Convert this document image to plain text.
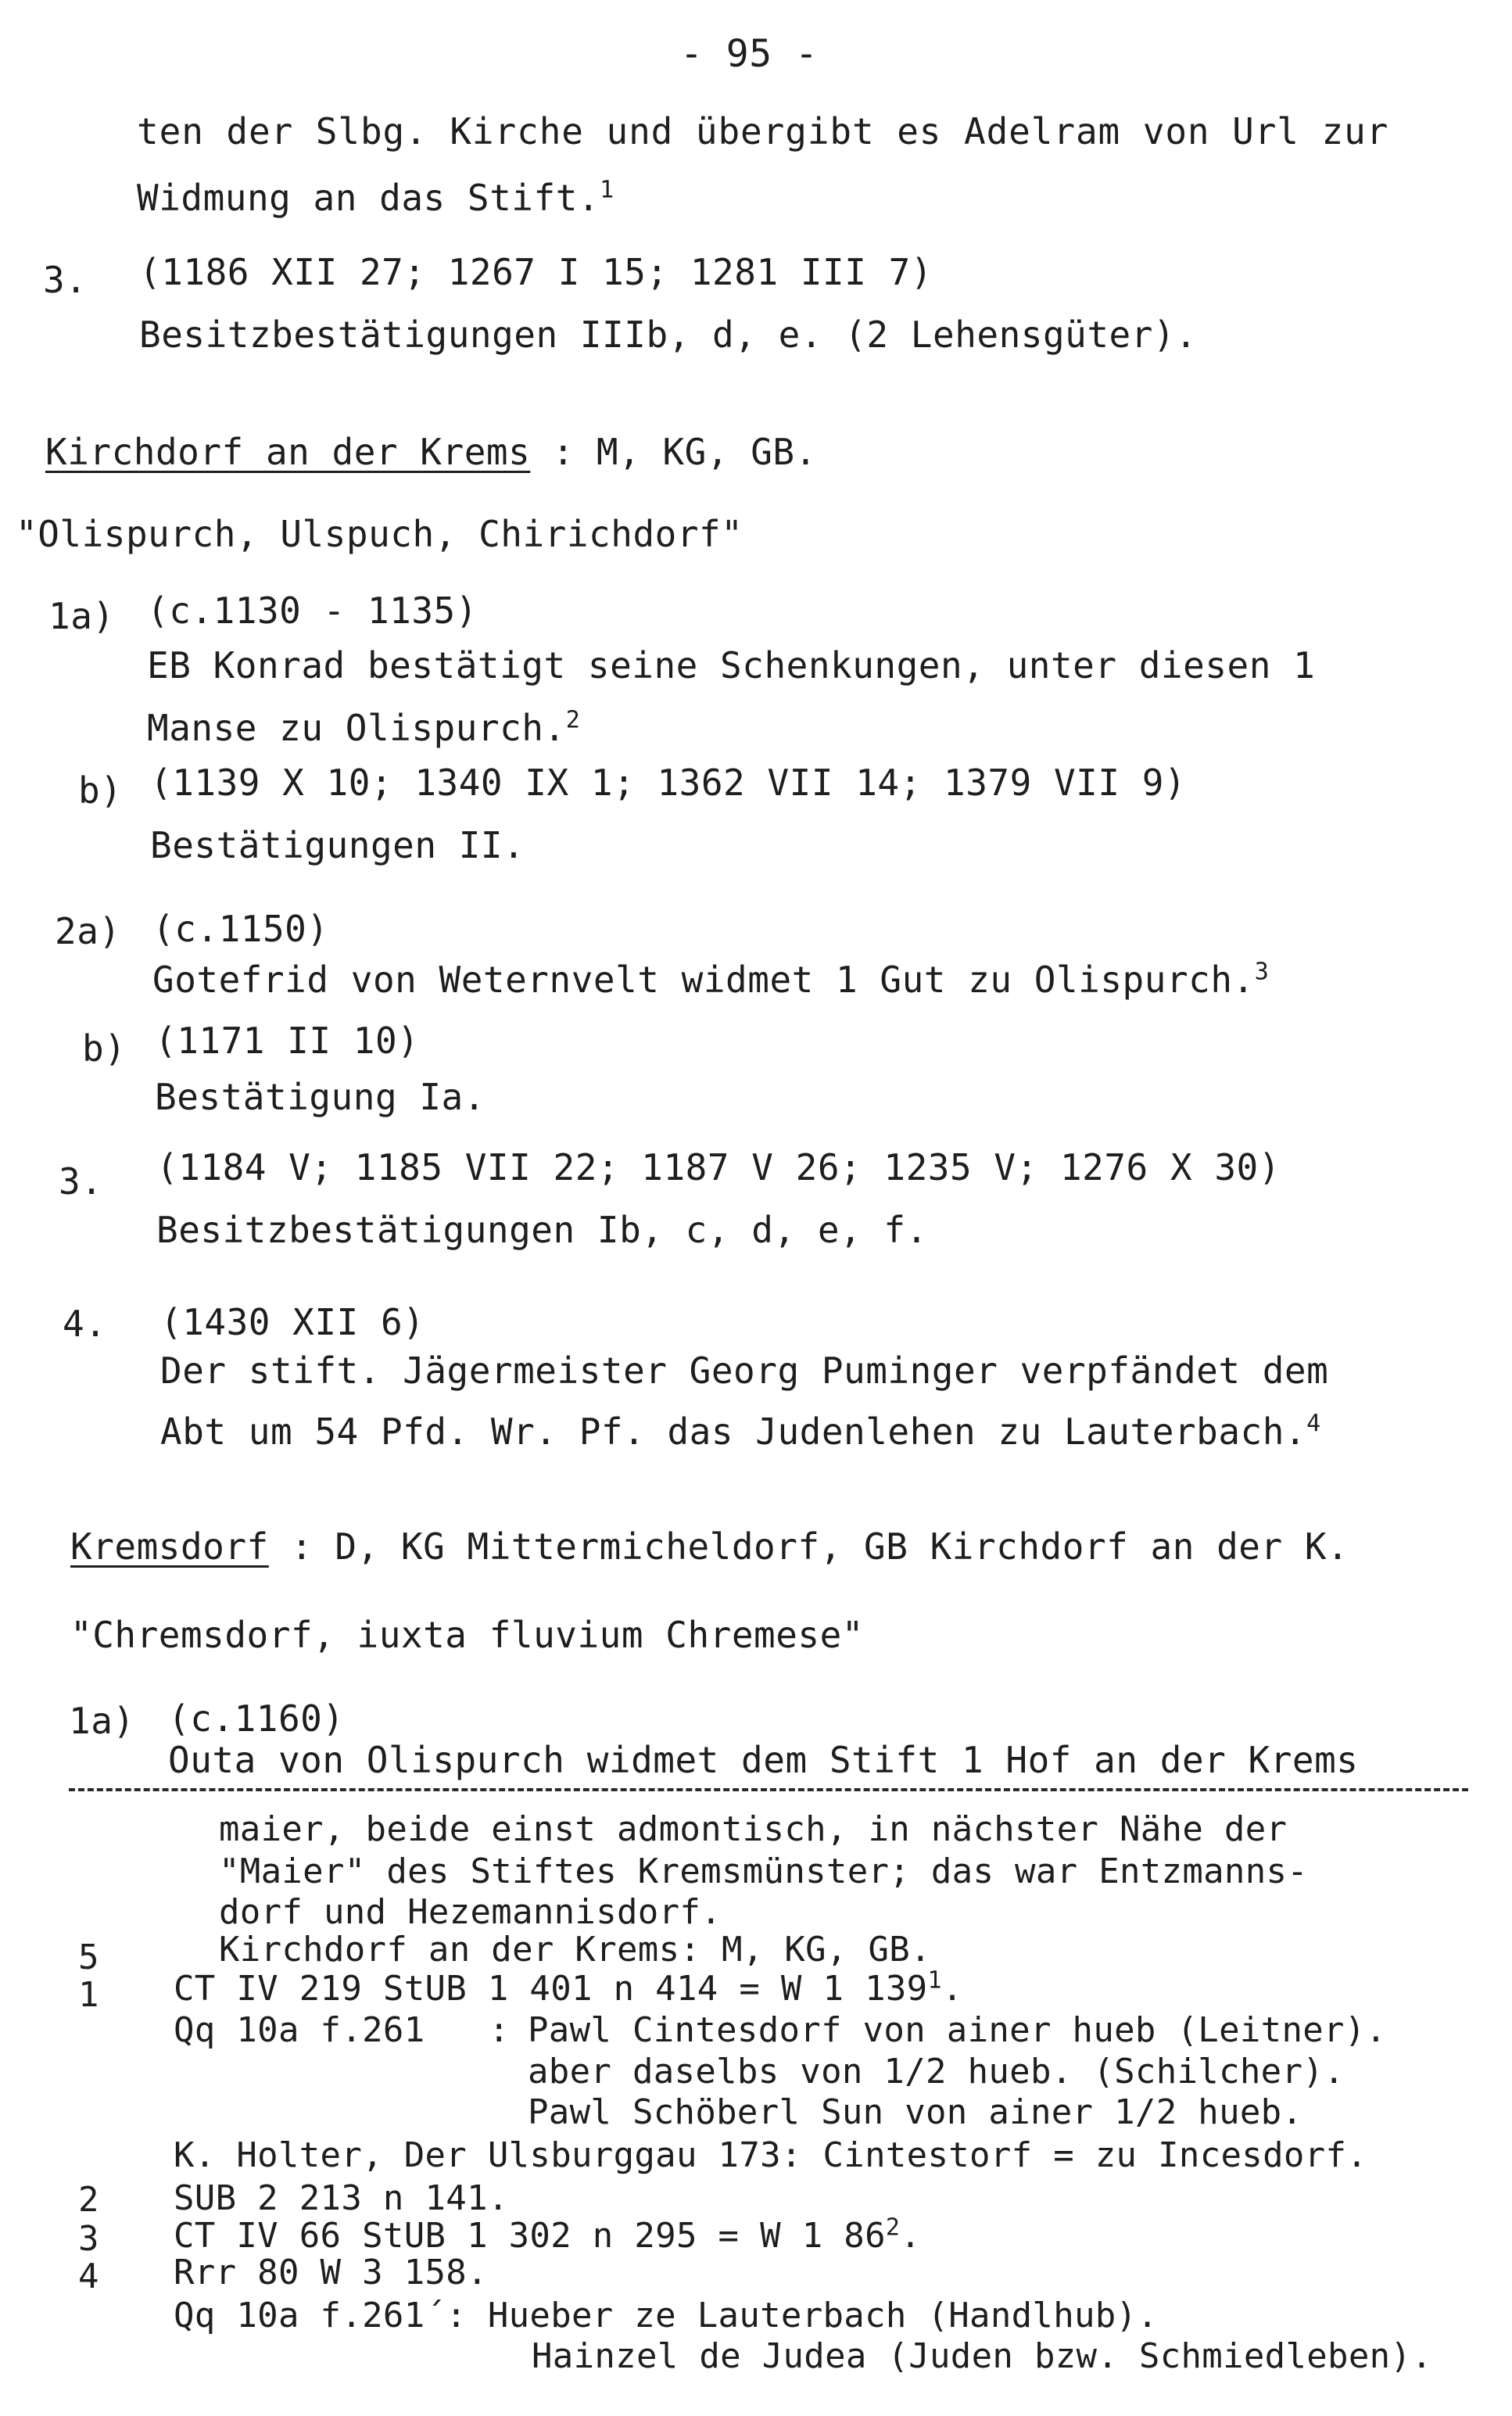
- 95 -
ten der Slbg. Kirche und übergibt es Adelram von Url zur
Widmung an das Stift.$^1$
3. (1186 XII 27; 1267 I 15; 1281 III 7)
Besitzbestätigungen IIIb, d, e. (2 Lehensgüter).
Kirchdorf an der Krems : M, KG, GB.
"Olispurch, Ulspuch, Chirichdorf"
1a) (c.1130 - 1135)
EB Konrad bestätigt seine Schenkungen, unter diesen 1
Manse zu Olispurch.$^2$
b) (1139 X 10; 1340 IX 1; 1362 VII 14; 1379 VII 9)
Bestätigungen II.
2a) (c.1150)
Gotefrid von Weternvelt widmet 1 Gut zu Olispurch.$^3$
b) (1171 II 10)
Bestätigung Ia.
3. (1184 V; 1185 VII 22; 1187 V 26; 1235 V; 1276 X 30)
Besitzbestätigungen Ib, c, d, e, f.
4. (1430 XII 6)
Der stift. Jägermeister Georg Puminger verpfändet dem
Abt um 54 Pfd. Wr. Pf. das Judenlehen zu Lauterbach.$^4$
Kremsdorf : D, KG Mittermicheldorf, GB Kirchdorf an der K.
"Chremsdorf, iuxta fluvium Chremese"
1a) (c.1160)
Outa von Olispurch widmet dem Stift 1 Hof an der Krems
maier, beide einst admontisch, in nächster Nähe der
"Maier" des Stiftes Kremsmünster; das war Entzmanns-
dorf und Hezemannisdorf.
5	Kirchdorf an der Krems: M, KG, GB.
1 CT IV 219 StUB 1 401 n 414 = W 1 $139^1$.
Qq 10a f.261 : Pawl Cintesdorf von ainer hueb (Leitner).
aber daselbs von 1/2 hueb. (Schilcher).
Pawl Schöberl Sun von ainer 1/2 hueb.
K. Holter, Der Ulsburggau 173: Cintestorf = zu Incesdorf.
2 SUB 2 213 n 141.
3 CT IV 66 StUB 1 302 n 295 = W 1 $86^2$.
4 Rrr 80 W 3 158.
Qq 10a f.261´: Hueber ze Lauterbach (Handlhub).
Hainzel de Judea (Juden bzw. Schmiedleben).
